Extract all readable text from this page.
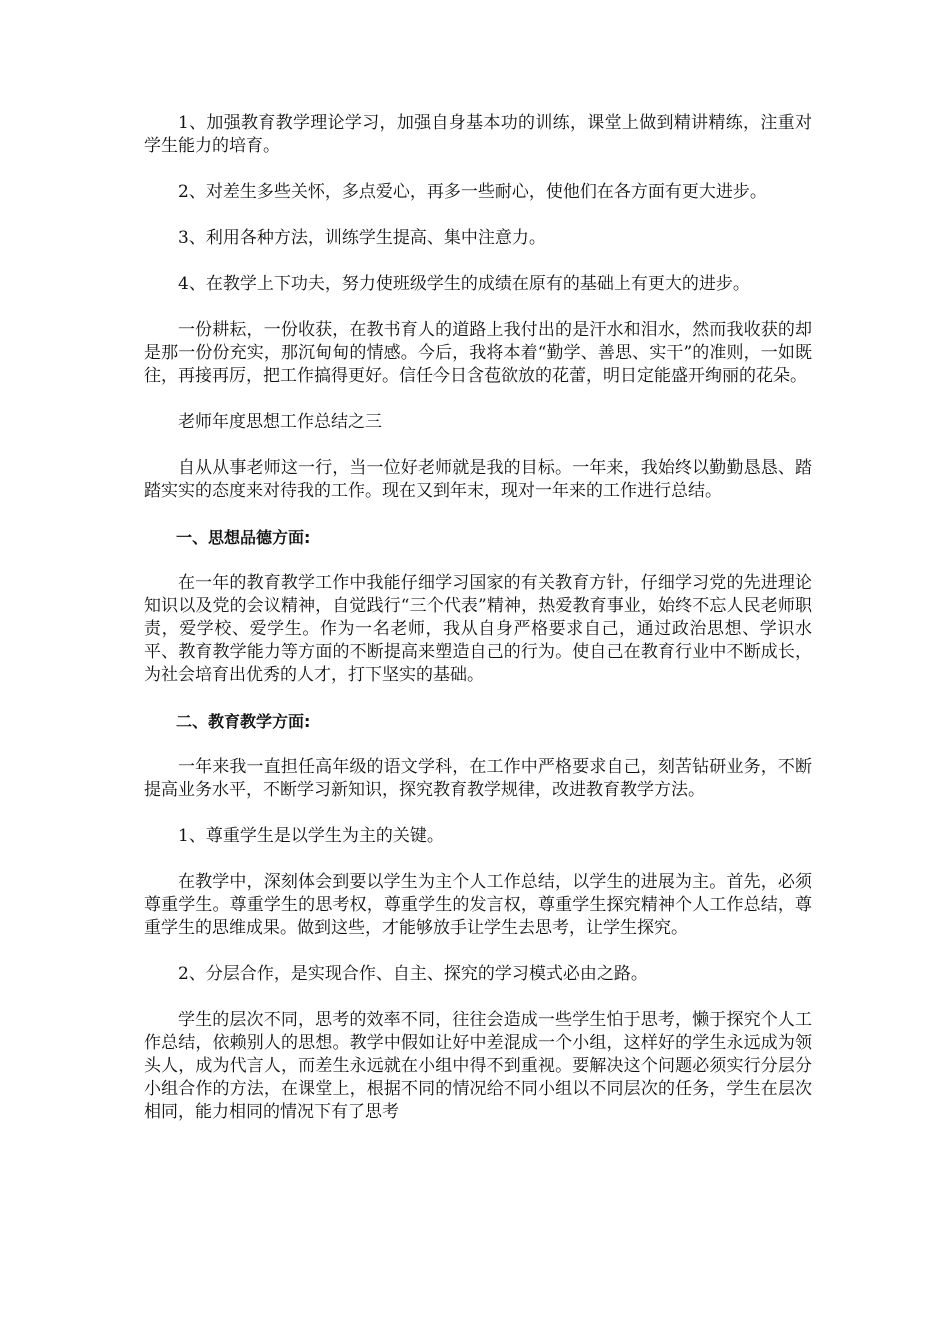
1、加强教育教学理论学习，加强自身基本功的训练，课堂上做到精讲精练，注重对学生能力的培育。

2、对差生多些关怀，多点爱心，再多一些耐心，使他们在各方面有更大进步。

3、利用各种方法，训练学生提高、集中注意力。

4、在教学上下功夫，努力使班级学生的成绩在原有的基础上有更大的进步。

一份耕耘，一份收获，在教书育人的道路上我付出的是汗水和泪水，然而我收获的却是那一份份充实，那沉甸甸的情感。今后，我将本着“勤学、善思、实干”的准则，一如既往，再接再厉，把工作搞得更好。信任今日含苞欲放的花蕾，明日定能盛开绚丽的花朵。

老师年度思想工作总结之三

自从从事老师这一行，当一位好老师就是我的目标。一年来，我始终以勤勤恳恳、踏踏实实的态度来对待我的工作。现在又到年末，现对一年来的工作进行总结。

一、思想品德方面:

在一年的教育教学工作中我能仔细学习国家的有关教育方针，仔细学习党的先进理论知识以及党的会议精神，自觉践行“三个代表”精神，热爱教育事业，始终不忘人民老师职责，爱学校、爱学生。作为一名老师，我从自身严格要求自己，通过政治思想、学识水平、教育教学能力等方面的不断提高来塑造自己的行为。使自己在教育行业中不断成长，为社会培育出优秀的人才，打下坚实的基础。

二、教育教学方面:

一年来我一直担任高年级的语文学科，在工作中严格要求自己，刻苦钻研业务，不断提高业务水平，不断学习新知识，探究教育教学规律，改进教育教学方法。

1、尊重学生是以学生为主的关键。

在教学中，深刻体会到要以学生为主个人工作总结，以学生的进展为主。首先，必须尊重学生。尊重学生的思考权，尊重学生的发言权，尊重学生探究精神个人工作总结，尊重学生的思维成果。做到这些，才能够放手让学生去思考，让学生探究。

2、分层合作，是实现合作、自主、探究的学习模式必由之路。

学生的层次不同，思考的效率不同，往往会造成一些学生怕于思考，懒于探究个人工作总结，依赖别人的思想。教学中假如让好中差混成一个小组，这样好的学生永远成为领头人，成为代言人，而差生永远就在小组中得不到重视。要解决这个问题必须实行分层分小组合作的方法，在课堂上，根据不同的情况给不同小组以不同层次的任务，学生在层次相同，能力相同的情况下有了思考
